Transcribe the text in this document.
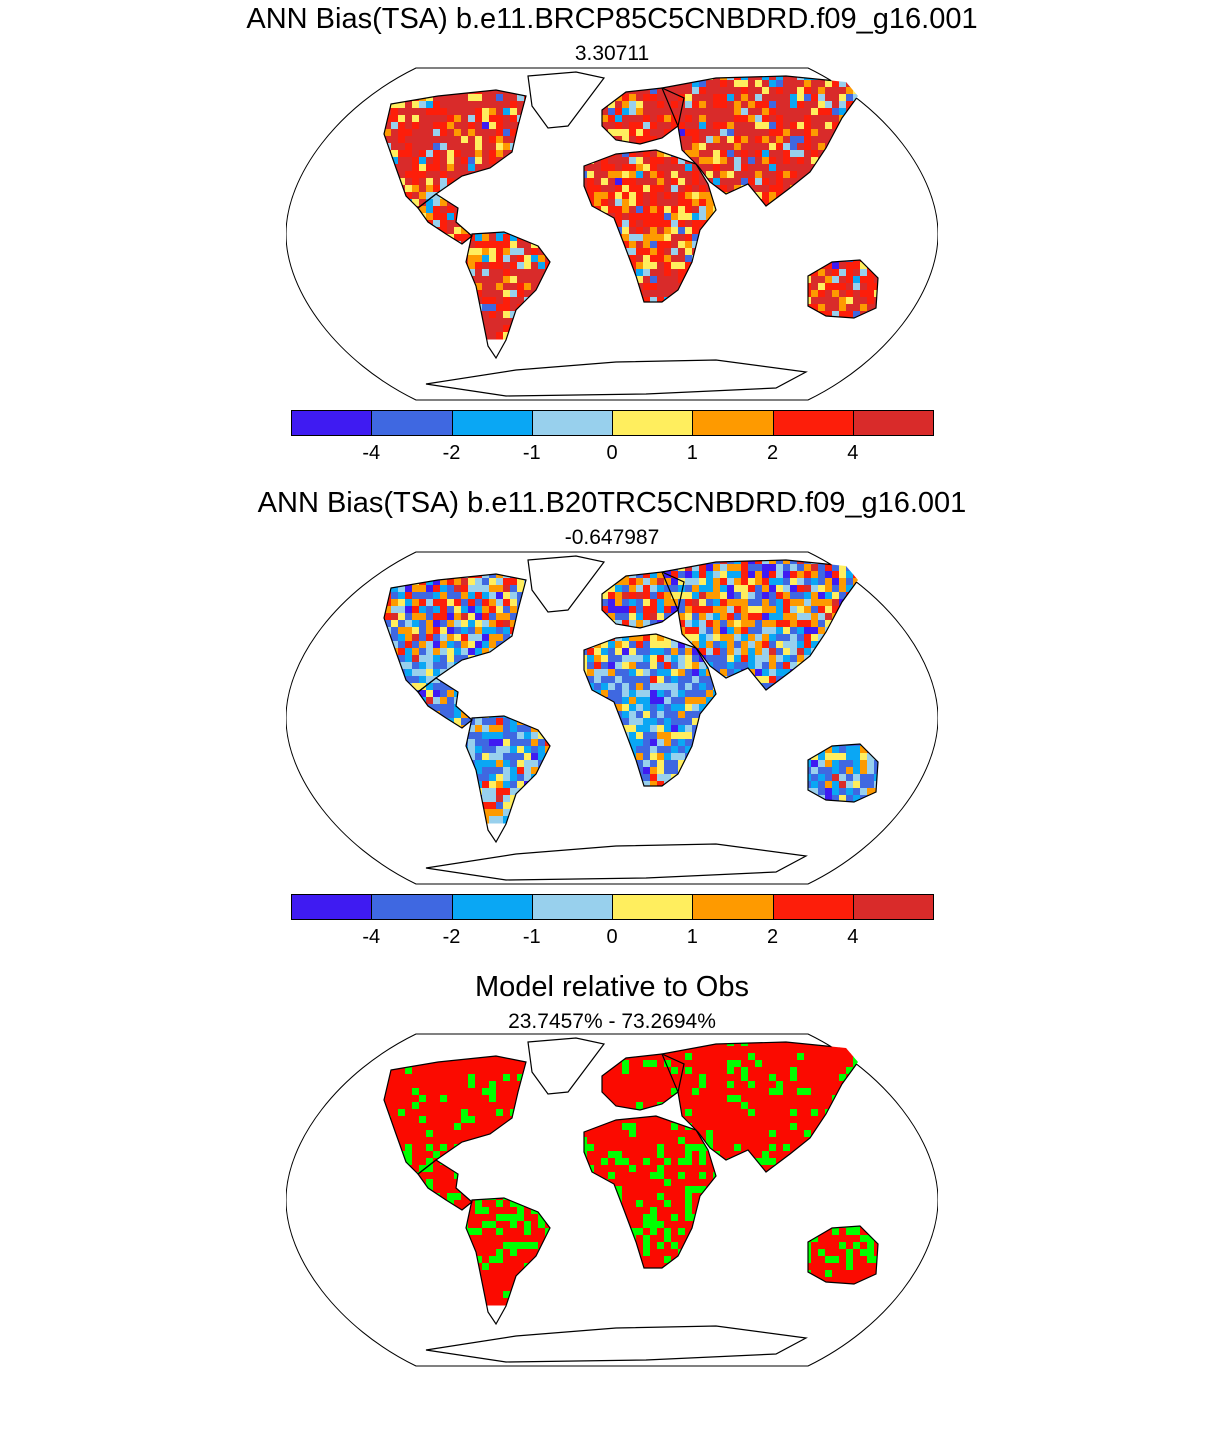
ANN Bias(TSA) b.e11.BRCP85C5CNBDRD.f09_g16.001
3.30711
-4	-2	-1	0	1	2	4
ANN Bias(TSA) b.e11.B20TRC5CNBDRD.f09_g16.001
-0.647987
-4	-2	-1	0	1	2	4
Model relative to Obs
23.7457% - 73.2694%
